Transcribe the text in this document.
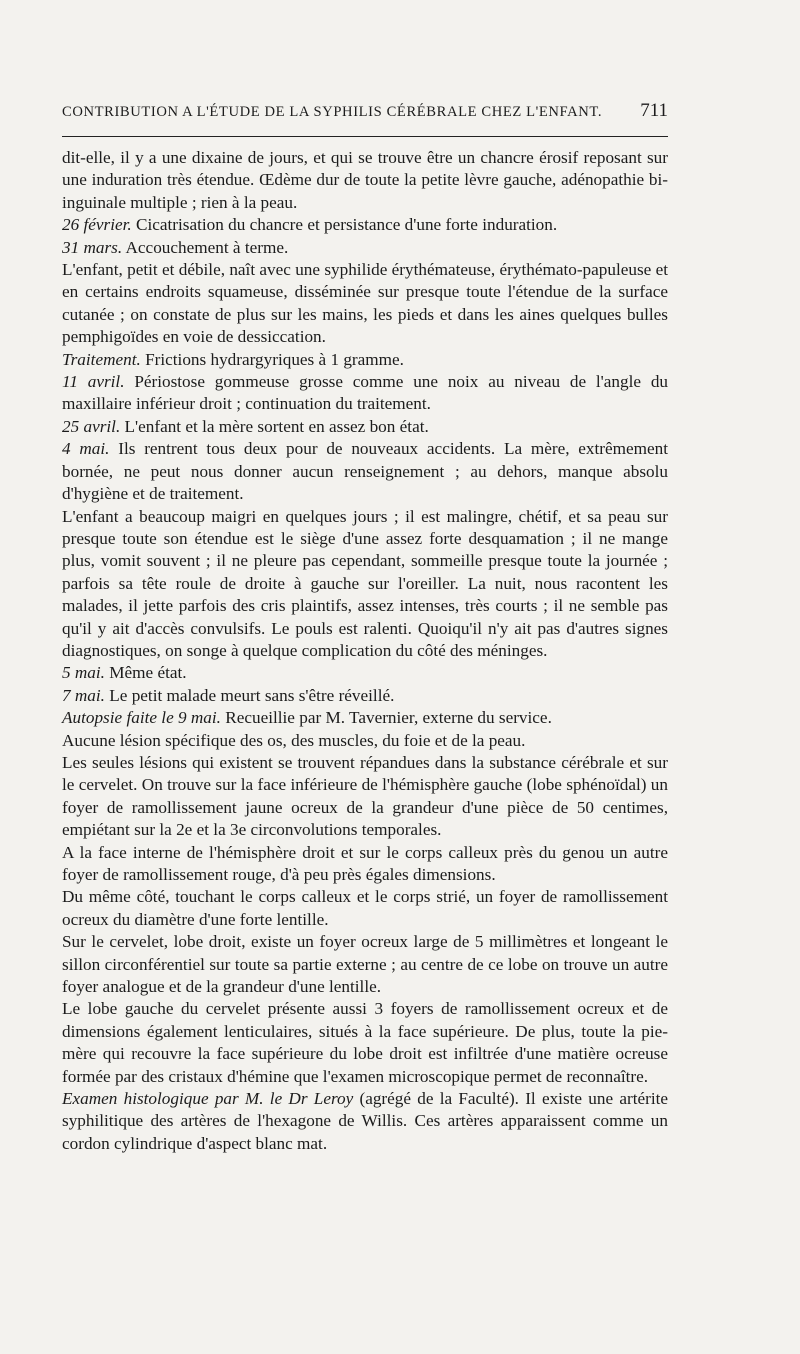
CONTRIBUTION A L'ÉTUDE DE LA SYPHILIS CÉRÉBRALE CHEZ L'ENFANT. 711

dit-elle, il y a une dixaine de jours, et qui se trouve être un chancre érosif reposant sur une induration très étendue. Œdème dur de toute la petite lèvre gauche, adénopathie bi-inguinale multiple ; rien à la peau.

26 février. Cicatrisation du chancre et persistance d'une forte induration.

31 mars. Accouchement à terme.

L'enfant, petit et débile, naît avec une syphilide érythémateuse, érythémato-papuleuse et en certains endroits squameuse, disséminée sur presque toute l'étendue de la surface cutanée ; on constate de plus sur les mains, les pieds et dans les aines quelques bulles pemphigoïdes en voie de dessiccation.

Traitement. Frictions hydrargyriques à 1 gramme.

11 avril. Périostose gommeuse grosse comme une noix au niveau de l'angle du maxillaire inférieur droit ; continuation du traitement.

25 avril. L'enfant et la mère sortent en assez bon état.

4 mai. Ils rentrent tous deux pour de nouveaux accidents. La mère, extrêmement bornée, ne peut nous donner aucun renseignement ; au dehors, manque absolu d'hygiène et de traitement.

L'enfant a beaucoup maigri en quelques jours ; il est malingre, chétif, et sa peau sur presque toute son étendue est le siège d'une assez forte desquamation ; il ne mange plus, vomit souvent ; il ne pleure pas cependant, sommeille presque toute la journée ; parfois sa tête roule de droite à gauche sur l'oreiller. La nuit, nous racontent les malades, il jette parfois des cris plaintifs, assez intenses, très courts ; il ne semble pas qu'il y ait d'accès convulsifs. Le pouls est ralenti. Quoiqu'il n'y ait pas d'autres signes diagnostiques, on songe à quelque complication du côté des méninges.

5 mai. Même état.

7 mai. Le petit malade meurt sans s'être réveillé.

Autopsie faite le 9 mai. Recueillie par M. Tavernier, externe du service.

Aucune lésion spécifique des os, des muscles, du foie et de la peau.

Les seules lésions qui existent se trouvent répandues dans la substance cérébrale et sur le cervelet. On trouve sur la face inférieure de l'hémisphère gauche (lobe sphénoïdal) un foyer de ramollissement jaune ocreux de la grandeur d'une pièce de 50 centimes, empiétant sur la 2e et la 3e circonvolutions temporales.

A la face interne de l'hémisphère droit et sur le corps calleux près du genou un autre foyer de ramollissement rouge, d'à peu près égales dimensions.

Du même côté, touchant le corps calleux et le corps strié, un foyer de ramollissement ocreux du diamètre d'une forte lentille.

Sur le cervelet, lobe droit, existe un foyer ocreux large de 5 millimètres et longeant le sillon circonférentiel sur toute sa partie externe ; au centre de ce lobe on trouve un autre foyer analogue et de la grandeur d'une lentille.

Le lobe gauche du cervelet présente aussi 3 foyers de ramollissement ocreux et de dimensions également lenticulaires, situés à la face supérieure. De plus, toute la pie-mère qui recouvre la face supérieure du lobe droit est infiltrée d'une matière ocreuse formée par des cristaux d'hémine que l'examen microscopique permet de reconnaître.

Examen histologique par M. le Dr Leroy (agrégé de la Faculté). Il existe une artérite syphilitique des artères de l'hexagone de Willis. Ces artères apparaissent comme un cordon cylindrique d'aspect blanc mat.
